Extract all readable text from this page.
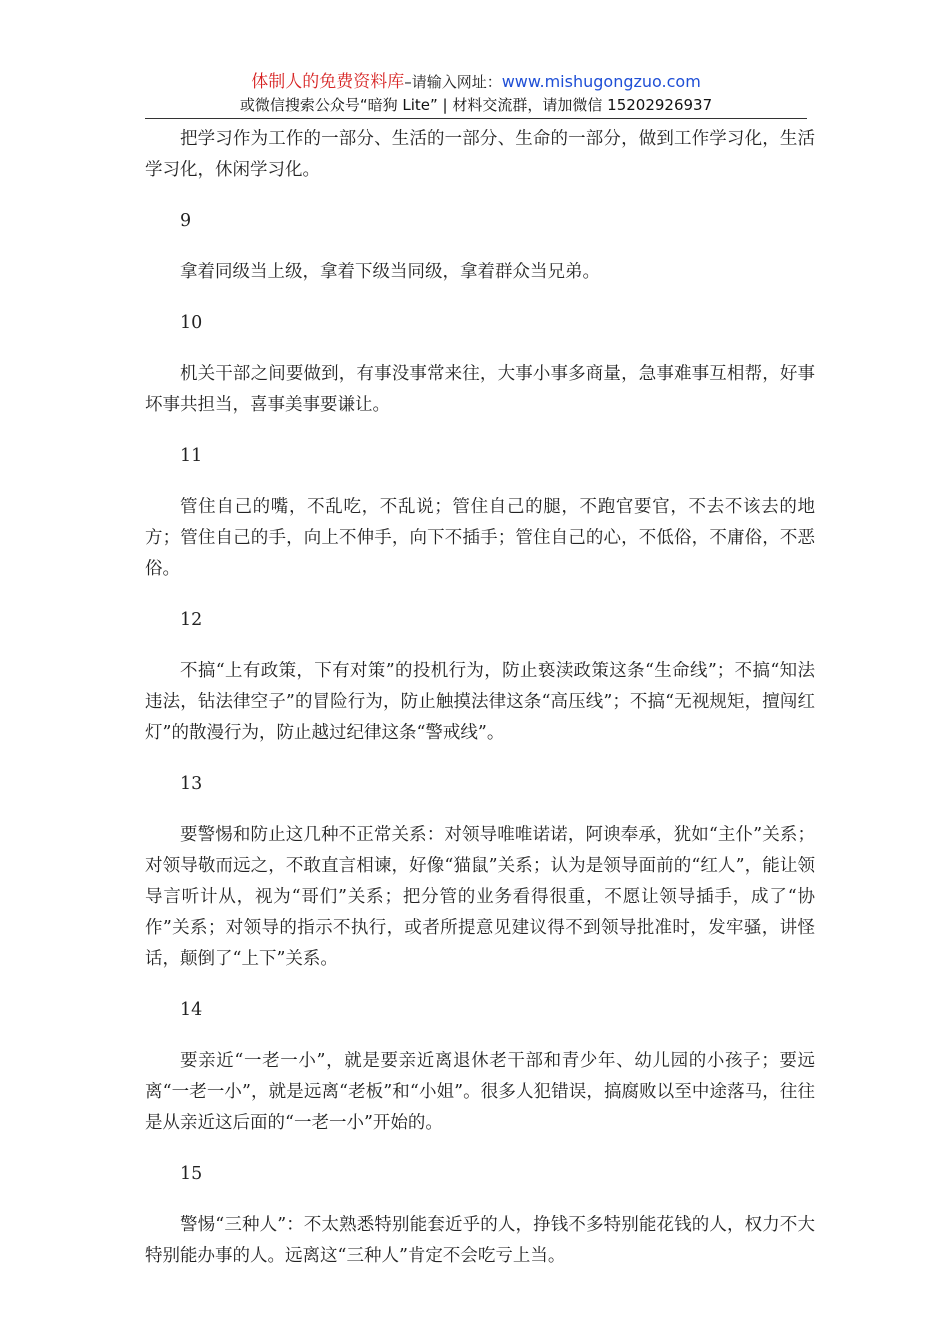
体制人的免费资料库–请输入网址：www.mishugongzuo.com
或微信搜索公众号“暗狗 Lite” | 材料交流群，请加微信 15202926937

把学习作为工作的一部分、生活的一部分、生命的一部分，做到工作学习化，生活学习化，休闲学习化。

9

拿着同级当上级，拿着下级当同级，拿着群众当兄弟。

10

机关干部之间要做到，有事没事常来往，大事小事多商量，急事难事互相帮，好事坏事共担当，喜事美事要谦让。

11

管住自己的嘴，不乱吃，不乱说；管住自己的腿，不跑官要官，不去不该去的地方；管住自己的手，向上不伸手，向下不插手；管住自己的心，不低俗，不庸俗，不恶俗。

12

不搞“上有政策，下有对策”的投机行为，防止亵渎政策这条“生命线”；不搞“知法违法，钻法律空子”的冒险行为，防止触摸法律这条“高压线”；不搞“无视规矩，擅闯红灯”的散漫行为，防止越过纪律这条“警戒线”。

13

要警惕和防止这几种不正常关系：对领导唯唯诺诺，阿谀奉承，犹如“主仆”关系；对领导敬而远之，不敢直言相谏，好像“猫鼠”关系；认为是领导面前的“红人”，能让领导言听计从，视为“哥们”关系；把分管的业务看得很重，不愿让领导插手，成了“协作”关系；对领导的指示不执行，或者所提意见建议得不到领导批准时，发牢骚，讲怪话，颠倒了“上下”关系。

14

要亲近“一老一小”，就是要亲近离退休老干部和青少年、幼儿园的小孩子；要远离“一老一小”，就是远离“老板”和“小姐”。很多人犯错误，搞腐败以至中途落马，往往是从亲近这后面的“一老一小”开始的。

15

警惕“三种人”：不太熟悉特别能套近乎的人，挣钱不多特别能花钱的人，权力不大特别能办事的人。远离这“三种人”肯定不会吃亏上当。
